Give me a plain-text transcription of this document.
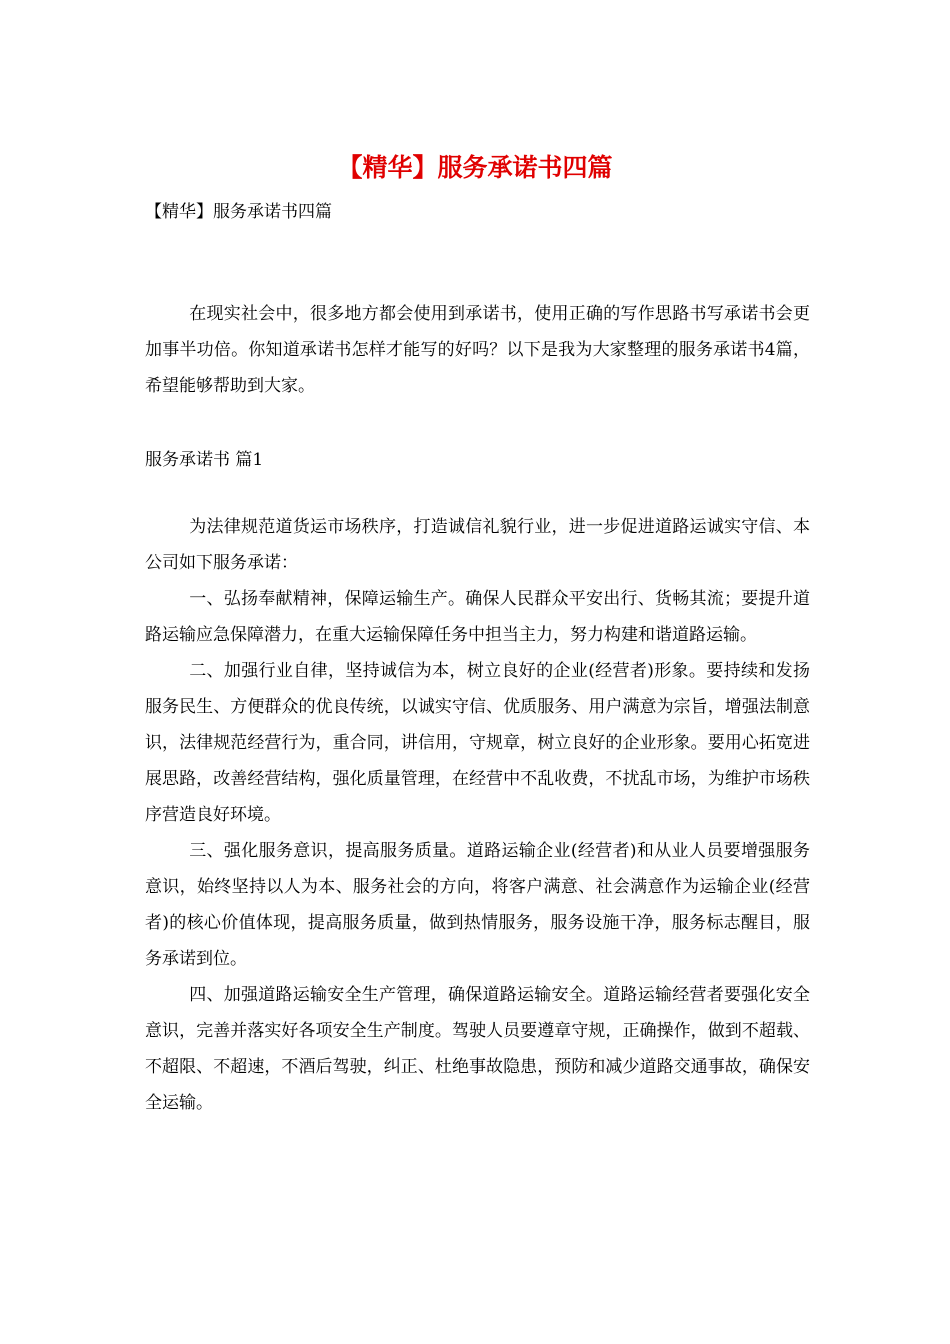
【精华】服务承诺书四篇
【精华】服务承诺书四篇

在现实社会中，很多地方都会使用到承诺书，使用正确的写作思路书写承诺书会更加事半功倍。你知道承诺书怎样才能写的好吗？以下是我为大家整理的服务承诺书4篇，希望能够帮助到大家。

服务承诺书 篇1

为法律规范道货运市场秩序，打造诚信礼貌行业，进一步促进道路运诚实守信、本公司如下服务承诺：

一、弘扬奉献精神，保障运输生产。确保人民群众平安出行、货畅其流；要提升道路运输应急保障潜力，在重大运输保障任务中担当主力，努力构建和谐道路运输。

二、加强行业自律，坚持诚信为本，树立良好的企业(经营者)形象。要持续和发扬服务民生、方便群众的优良传统，以诚实守信、优质服务、用户满意为宗旨，增强法制意识，法律规范经营行为，重合同，讲信用，守规章，树立良好的企业形象。要用心拓宽进展思路，改善经营结构，强化质量管理，在经营中不乱收费，不扰乱市场，为维护市场秩序营造良好环境。

三、强化服务意识，提高服务质量。道路运输企业(经营者)和从业人员要增强服务意识，始终坚持以人为本、服务社会的方向，将客户满意、社会满意作为运输企业(经营者)的核心价值体现，提高服务质量，做到热情服务，服务设施干净，服务标志醒目，服务承诺到位。

四、加强道路运输安全生产管理，确保道路运输安全。道路运输经营者要强化安全意识，完善并落实好各项安全生产制度。驾驶人员要遵章守规，正确操作，做到不超载、不超限、不超速，不酒后驾驶，纠正、杜绝事故隐患，预防和减少道路交通事故，确保安全运输。
